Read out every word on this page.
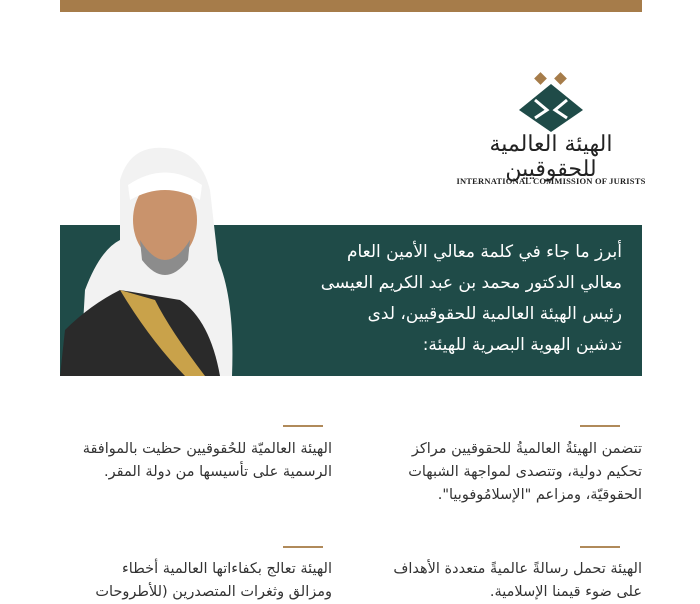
الهيئة العالمية للحقوقيين
INTERNATIONAL COMMISSION OF JURISTS
أبرز ما جاء في كلمة معالي الأمين العام
معالي الدكتور محمد بن عبد الكريم العيسى
رئيس الهيئة العالمية للحقوقيين، لدى
تدشين الهوية البصرية للهيئة:
تتضمن الهيئةُ العالميةُ للحقوقيين مراكز تحكيم دولية، وتتصدى لمواجهة الشبهات الحقوقيّة، ومزاعم "الإسلامُوفوبيا".
الهيئة العالميّة للحُقوقيين حظيت بالموافقة الرسمية على تأسيسها من دولة المقر.
الهيئة تحمل رسالةً عالميةً متعددة الأهداف على ضوء قيمنا الإسلامية.
الهيئة تعالج بكفاءاتها العالمية أخطاء ومزالق وثغرات المتصدرين (للأطروحات
